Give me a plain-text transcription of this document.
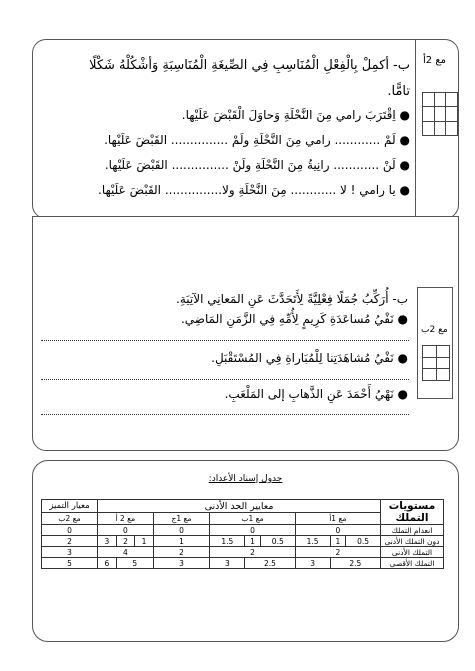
مع 2أ

ب- أكمِلْ بِالْفِعْلِ الْمُنَاسِبِ فِي الصِّيغَةِ الْمُنَاسِبَةِ وَأشْكُلْهُ شَكْلًا
تامًّا.
● اِقْتَرَبَ رامي مِنَ النَّحْلَةِ وَحاوَلَ الْقَبْضَ عَلَيْها.
● لَمْ ............ رامي مِنَ النَّحْلَةِ ولَمْ ............... القَبْضَ عَلَيْها.
● لَنْ ............ رانِيةُ مِنَ النَّحْلَةِ ولَنْ ............... القَبْضَ عَلَيْها.
● يا رامي ! لا ............ مِنَ النَّحْلَةِ ولا............... القَبْضَ عَلَيْها.
مع 2ب

ب- أُرَكِّبُ جُمَلًا فِعْلِيَّةً لِأَتَحَدَّثَ عَنِ المَعانِي الآتِيَةِ.
● نَفْيُ مُساعَدَةِ كَرِيمٍ لِأُمِّهِ فِي الزَّمَنِ المَاضِي.
● نَفْيُ مُشاهَدَتِنا لِلْمُبَاراةِ فِي المُسْتَقْبَلِ.
● نَهْيُ أَحْمَدَ عَنِ الذَّهابِ إلى المَلْعَبِ.
جدول إسناد الأعداد:
مستويات التملك	معايير الحد الأدنى										معيار التميز
	مع 1أ			مع 1ب			مع 1ج	مع 2 أ			مع 2ب
انعدام التملك	0			0			0	0			0
دون التملك الأدنى	0.5	1	1.5	0.5	1	1.5	1	1	2	3	2
التملك الأدنى	2			2			2	4			3
التملك الأقصى	2.5		3	2.5		3	3	5		6	5
